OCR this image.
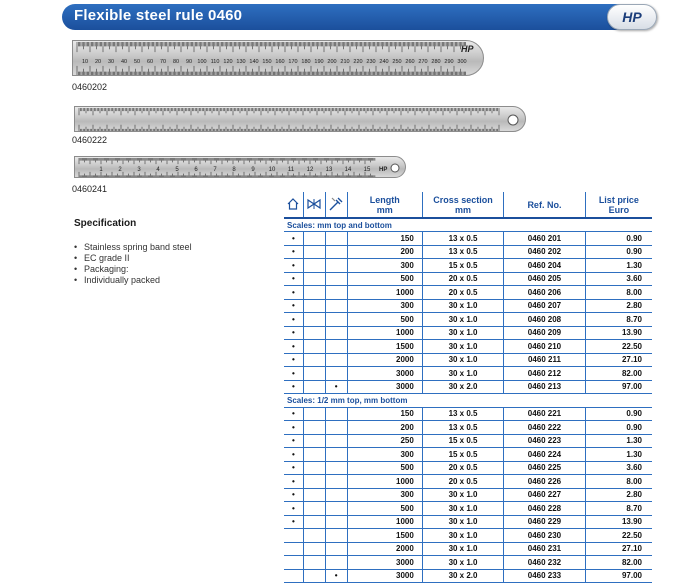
Flexible steel rule 0460	HP
10 20 30 40 50 60 70 80 90 100 110 120 130 140 150 160 170 180 190 200 210 220 230 240 250 260 270 280 290 300
HP
0460202
0460222
1	2	3	4	5	6	7	8	9 10 11 12 13 14 15 HP
0460241
Specification
• Stainless spring band steel
• EC grade II
• Packaging:
• Individually packed
			Length
mm	Cross section
mm	Ref. No.	List price
Euro
Scales: mm top and bottom						
•			150	13 x 0.5	0460 201	0.90
•			200	13 x 0.5	0460 202	0.90
•			300	15 x 0.5	0460 204	1.30
•			500	20 x 0.5	0460 205	3.60
•			1000	20 x 0.5	0460 206	8.00
•			300	30 x 1.0	0460 207	2.80
•			500	30 x 1.0	0460 208	8.70
•			1000	30 x 1.0	0460 209	13.90
•			1500	30 x 1.0	0460 210	22.50
•			2000	30 x 1.0	0460 211	27.10
•			3000	30 x 1.0	0460 212	82.00
•		•	3000	30 x 2.0	0460 213	97.00
Scales: 1/2 mm top, mm bottom						
•			150	13 x 0.5	0460 221	0.90
•			200	13 x 0.5	0460 222	0.90
•			250	15 x 0.5	0460 223	1.30
•			300	15 x 0.5	0460 224	1.30
•			500	20 x 0.5	0460 225	3.60
•			1000	20 x 0.5	0460 226	8.00
•			300	30 x 1.0	0460 227	2.80
•			500	30 x 1.0	0460 228	8.70
•			1000	30 x 1.0	0460 229	13.90
			1500	30 x 1.0	0460 230	22.50
			2000	30 x 1.0	0460 231	27.10
			3000	30 x 1.0	0460 232	82.00
		•	3000	30 x 2.0	0460 233	97.00
